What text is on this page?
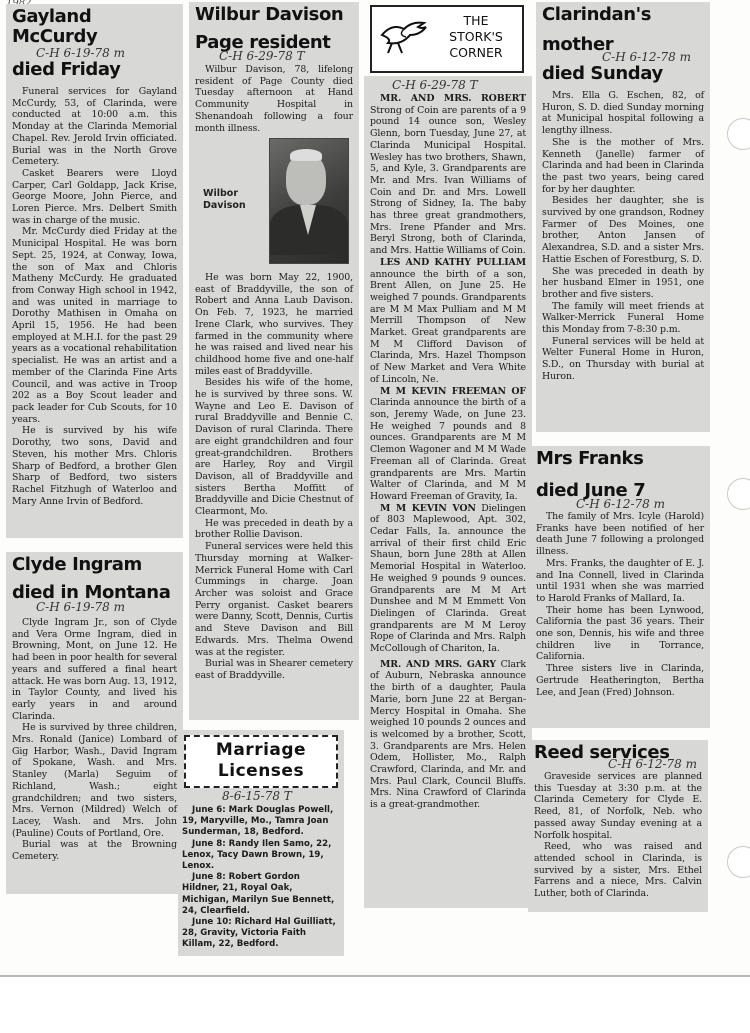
Gayland McCurdy
C-H 6-19-78 m
died Friday

Funeral services for Gayland McCurdy, 53, of Clarinda, were conducted at 10:00 a.m. this Monday at the Clarinda Memorial Chapel. Rev. Jerold Irvin officiated. Burial was in the North Grove Cemetery.

Casket Bearers were Lloyd Carper, Carl Goldapp, Jack Krise, George Moore, John Pierce, and Loren Pierce. Mrs. Delbert Smith was in charge of the music.

Mr. McCurdy died Friday at the Municipal Hospital. He was born Sept. 25, 1924, at Conway, Iowa, the son of Max and Chloris Matheny McCurdy. He graduated from Conway High school in 1942, and was united in marriage to Dorothy Mathisen in Omaha on April 15, 1956. He had been employed at M.H.I. for the past 29 years as a vocational rehabilitation specialist. He was an artist and a member of the Clarinda Fine Arts Council, and was active in Troop 202 as a Boy Scout leader and pack leader for Cub Scouts, for 10 years.

He is survived by his wife Dorothy, two sons, David and Steven, his mother Mrs. Chloris Sharp of Bedford, a brother Glen Sharp of Bedford, two sisters Rachel Fitzhugh of Waterloo and Mary Anne Irvin of Bedford.

Clyde Ingram
died in Montana
C-H 6-19-78 m

Clyde Ingram Jr., son of Clyde and Vera Orme Ingram, died in Browning, Mont, on June 12. He had been in poor health for several years and suffered a final heart attack. He was born Aug. 13, 1912, in Taylor County, and lived his early years in and around Clarinda.

He is survived by three children, Mrs. Ronald (Janice) Lombard of Gig Harbor, Wash., David Ingram of Spokane, Wash. and Mrs. Stanley (Marla) Seguim of Richland, Wash.; eight grandchildren; and two sisters, Mrs. Vernon (Mildred) Welch of Lacey, Wash. and Mrs. John (Pauline) Couts of Portland, Ore.

Burial was at the Browning Cemetery.

Wilbur Davison
Page resident
C-H 6-29-78 T

Wilbur Davison, 78, lifelong resident of Page County died Tuesday afternoon at Hand Community Hospital in Shenandoah following a four month illness.

Wilbor
Davison

He was born May 22, 1900, east of Braddyville, the son of Robert and Anna Laub Davison. On Feb. 7, 1923, he married Irene Clark, who survives. They farmed in the community where he was raised and lived near his childhood home five and one-half miles east of Braddyville.

Besides his wife of the home, he is survived by three sons. W. Wayne and Leo E. Davison of rural Braddyville and Bennie C. Davison of rural Clarinda. There are eight grandchildren and four great-grandchildren. Brothers are Harley, Roy and Virgil Davison, all of Braddyville and sisters Bertha Moffitt of Braddyville and Dicie Chestnut of Clearmont, Mo.

He was preceded in death by a brother Rollie Davison.

Funeral services were held this Thursday morning at Walker-Merrick Funeral Home with Carl Cummings in charge. Joan Archer was soloist and Grace Perry organist. Casket bearers were Danny, Scott, Dennis, Curtis and Steve Davison and Bill Edwards. Mrs. Thelma Owend was at the register.

Burial was in Shearer cemetery east of Braddyville.

Marriage
Licenses
8-6-15-78 T

June 6: Mark Douglas Powell, 19, Maryville, Mo., Tamra Joan Sunderman, 18, Bedford.

June 8: Randy Ilen Samo, 22, Lenox, Tacy Dawn Brown, 19, Lenox.

June 8: Robert Gordon Hildner, 21, Royal Oak, Michigan, Marilyn Sue Bennett, 24, Clearfield.

June 10: Richard Hal Guilliatt, 28, Gravity, Victoria Faith Killam, 22, Bedford.

C-H 6-29-78 T

MR. AND MRS. ROBERT Strong of Coin are parents of a 9 pound 14 ounce son, Wesley Glenn, born Tuesday, June 27, at Clarinda Municipal Hospital. Wesley has two brothers, Shawn, 5, and Kyle, 3. Grandparents are Mr. and Mrs. Ivan Williams of Coin and Dr. and Mrs. Lowell Strong of Sidney, Ia. The baby has three great grandmothers, Mrs. Irene Pfander and Mrs. Beryl Strong, both of Clarinda, and Mrs. Hattie Williams of Coin.

LES AND KATHY PULLIAM announce the birth of a son, Brent Allen, on June 25. He weighed 7 pounds. Grandparents are M M Max Pulliam and M M Merrill Thompson of New Market. Great grandparents are M M Clifford Davison of Clarinda, Mrs. Hazel Thompson of New Market and Vera White of Lincoln, Ne.

M M KEVIN FREEMAN OF Clarinda announce the birth of a son, Jeremy Wade, on June 23. He weighed 7 pounds and 8 ounces. Grandparents are M M Clemon Wagoner and M M Wade Freeman all of Clarinda. Great grandparents are Mrs. Martin Walter of Clarinda, and M M Howard Freeman of Gravity, Ia.

M M KEVIN VON Dielingen of 803 Maplewood, Apt. 302, Cedar Falls, Ia. announce the arrival of their first child Eric Shaun, born June 28th at Allen Memorial Hospital in Waterloo. He weighed 9 pounds 9 ounces. Grandparents are M M Art Dunshee and M M Emmett Von Dielingen of Clarinda. Great grandparents are M M Leroy Rope of Clarinda and Mrs. Ralph McCollough of Chariton, Ia.

MR. AND MRS. GARY Clark of Auburn, Nebraska announce the birth of a daughter, Paula Marie, born June 22 at Bergan-Mercy Hospital in Omaha. She weighed 10 pounds 2 ounces and is welcomed by a brother, Scott, 3. Grandparents are Mrs. Helen Odem, Hollister, Mo., Ralph Crawford, Clarinda, and Mr. and Mrs. Paul Clark, Council Bluffs. Mrs. Nina Crawford of Clarinda is a great-grandmother.

THE
STORK'S
CORNER
Clarindan's
mother
C-H 6-12-78 m
died Sunday

Mrs. Ella G. Eschen, 82, of Huron, S. D. died Sunday morning at Municipal hospital following a lengthy illness.

She is the mother of Mrs. Kenneth (Janelle) farmer of Clarinda and had been in Clarinda the past two years, being cared for by her daughter.

Besides her daughter, she is survived by one grandson, Rodney Farmer of Des Moines, one brother, Anton Jansen of Alexandrea, S.D. and a sister Mrs. Hattie Eschen of Forestburg, S. D.

She was preceded in death by her husband Elmer in 1951, one brother and five sisters.

The family will meet friends at Walker-Merrick Funeral Home this Monday from 7-8:30 p.m.

Funeral services will be held at Welter Funeral Home in Huron, S.D., on Thursday with burial at Huron.

Mrs Franks
died June 7
C-H 6-12-78 m

The family of Mrs. Icyle (Harold) Franks have been notified of her death June 7 following a prolonged illness.

Mrs. Franks, the daughter of E. J. and Ina Connell, lived in Clarinda until 1931 when she was married to Harold Franks of Mallard, Ia.

Their home has been Lynwood, California the past 36 years. Their one son, Dennis, his wife and three children live in Torrance, California.

Three sisters live in Clarinda, Gertrude Heatherington, Bertha Lee, and Jean (Fred) Johnson.

Reed services
C-H 6-12-78 m

Graveside services are planned this Tuesday at 3:30 p.m. at the Clarinda Cemetery for Clyde E. Reed, 81, of Norfolk, Neb. who passed away Sunday evening at a Norfolk hospital.

Reed, who was raised and attended school in Clarinda, is survived by a sister, Mrs. Ethel Farrens and a niece, Mrs. Calvin Luther, both of Clarinda.
